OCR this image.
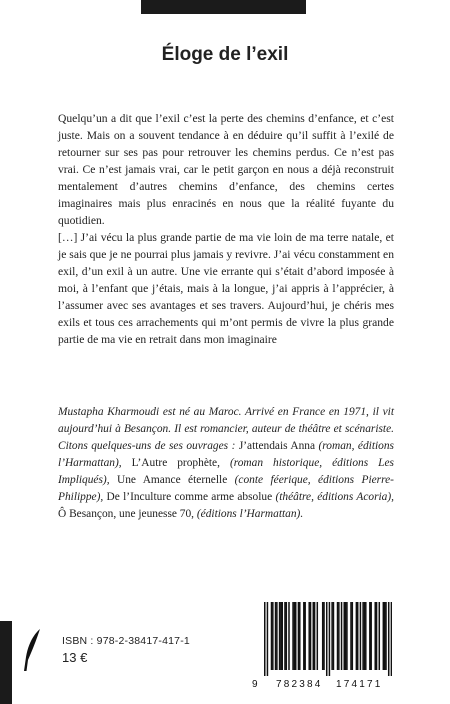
Éloge de l’exil

Quelqu’un a dit que l’exil c’est la perte des chemins d’enfance, et c’est juste. Mais on a souvent tendance à en déduire qu’il suffit à l’exilé de retourner sur ses pas pour retrouver les chemins perdus. Ce n’est pas vrai. Ce n’est jamais vrai, car le petit garçon en nous a déjà reconstruit mentalement d’autres chemins d’enfance, des chemins certes imaginaires mais plus enracinés en nous que la réalité fuyante du quotidien.

[…] J’ai vécu la plus grande partie de ma vie loin de ma terre natale, et je sais que je ne pourrai plus jamais y revivre. J’ai vécu constamment en exil, d’un exil à un autre. Une vie errante qui s’était d’abord imposée à moi, à l’enfant que j’étais, mais à la longue, j’ai appris à l’apprécier, à l’assumer avec ses avantages et ses travers. Aujourd’hui, je chéris mes exils et tous ces arrachements qui m’ont permis de vivre la plus grande partie de ma vie en retrait dans mon imaginaire

Mustapha Kharmoudi est né au Maroc. Arrivé en France en 1971, il vit aujourd’hui à Besançon. Il est romancier, auteur de théâtre et scénariste. Citons quelques-uns de ses ouvrages : J’attendais Anna (roman, éditions l’Harmattan), L’Autre prophète, (roman historique, éditions Les Impliqués), Une Amance éternelle (conte féerique, éditions Pierre-Philippe), De l’Inculture comme arme absolue (théâtre, éditions Acoria), Ô Besançon, une jeunesse 70, (éditions l’Harmattan).
ISBN : 978-2-38417-417-1
13 €
9 782384 174171
